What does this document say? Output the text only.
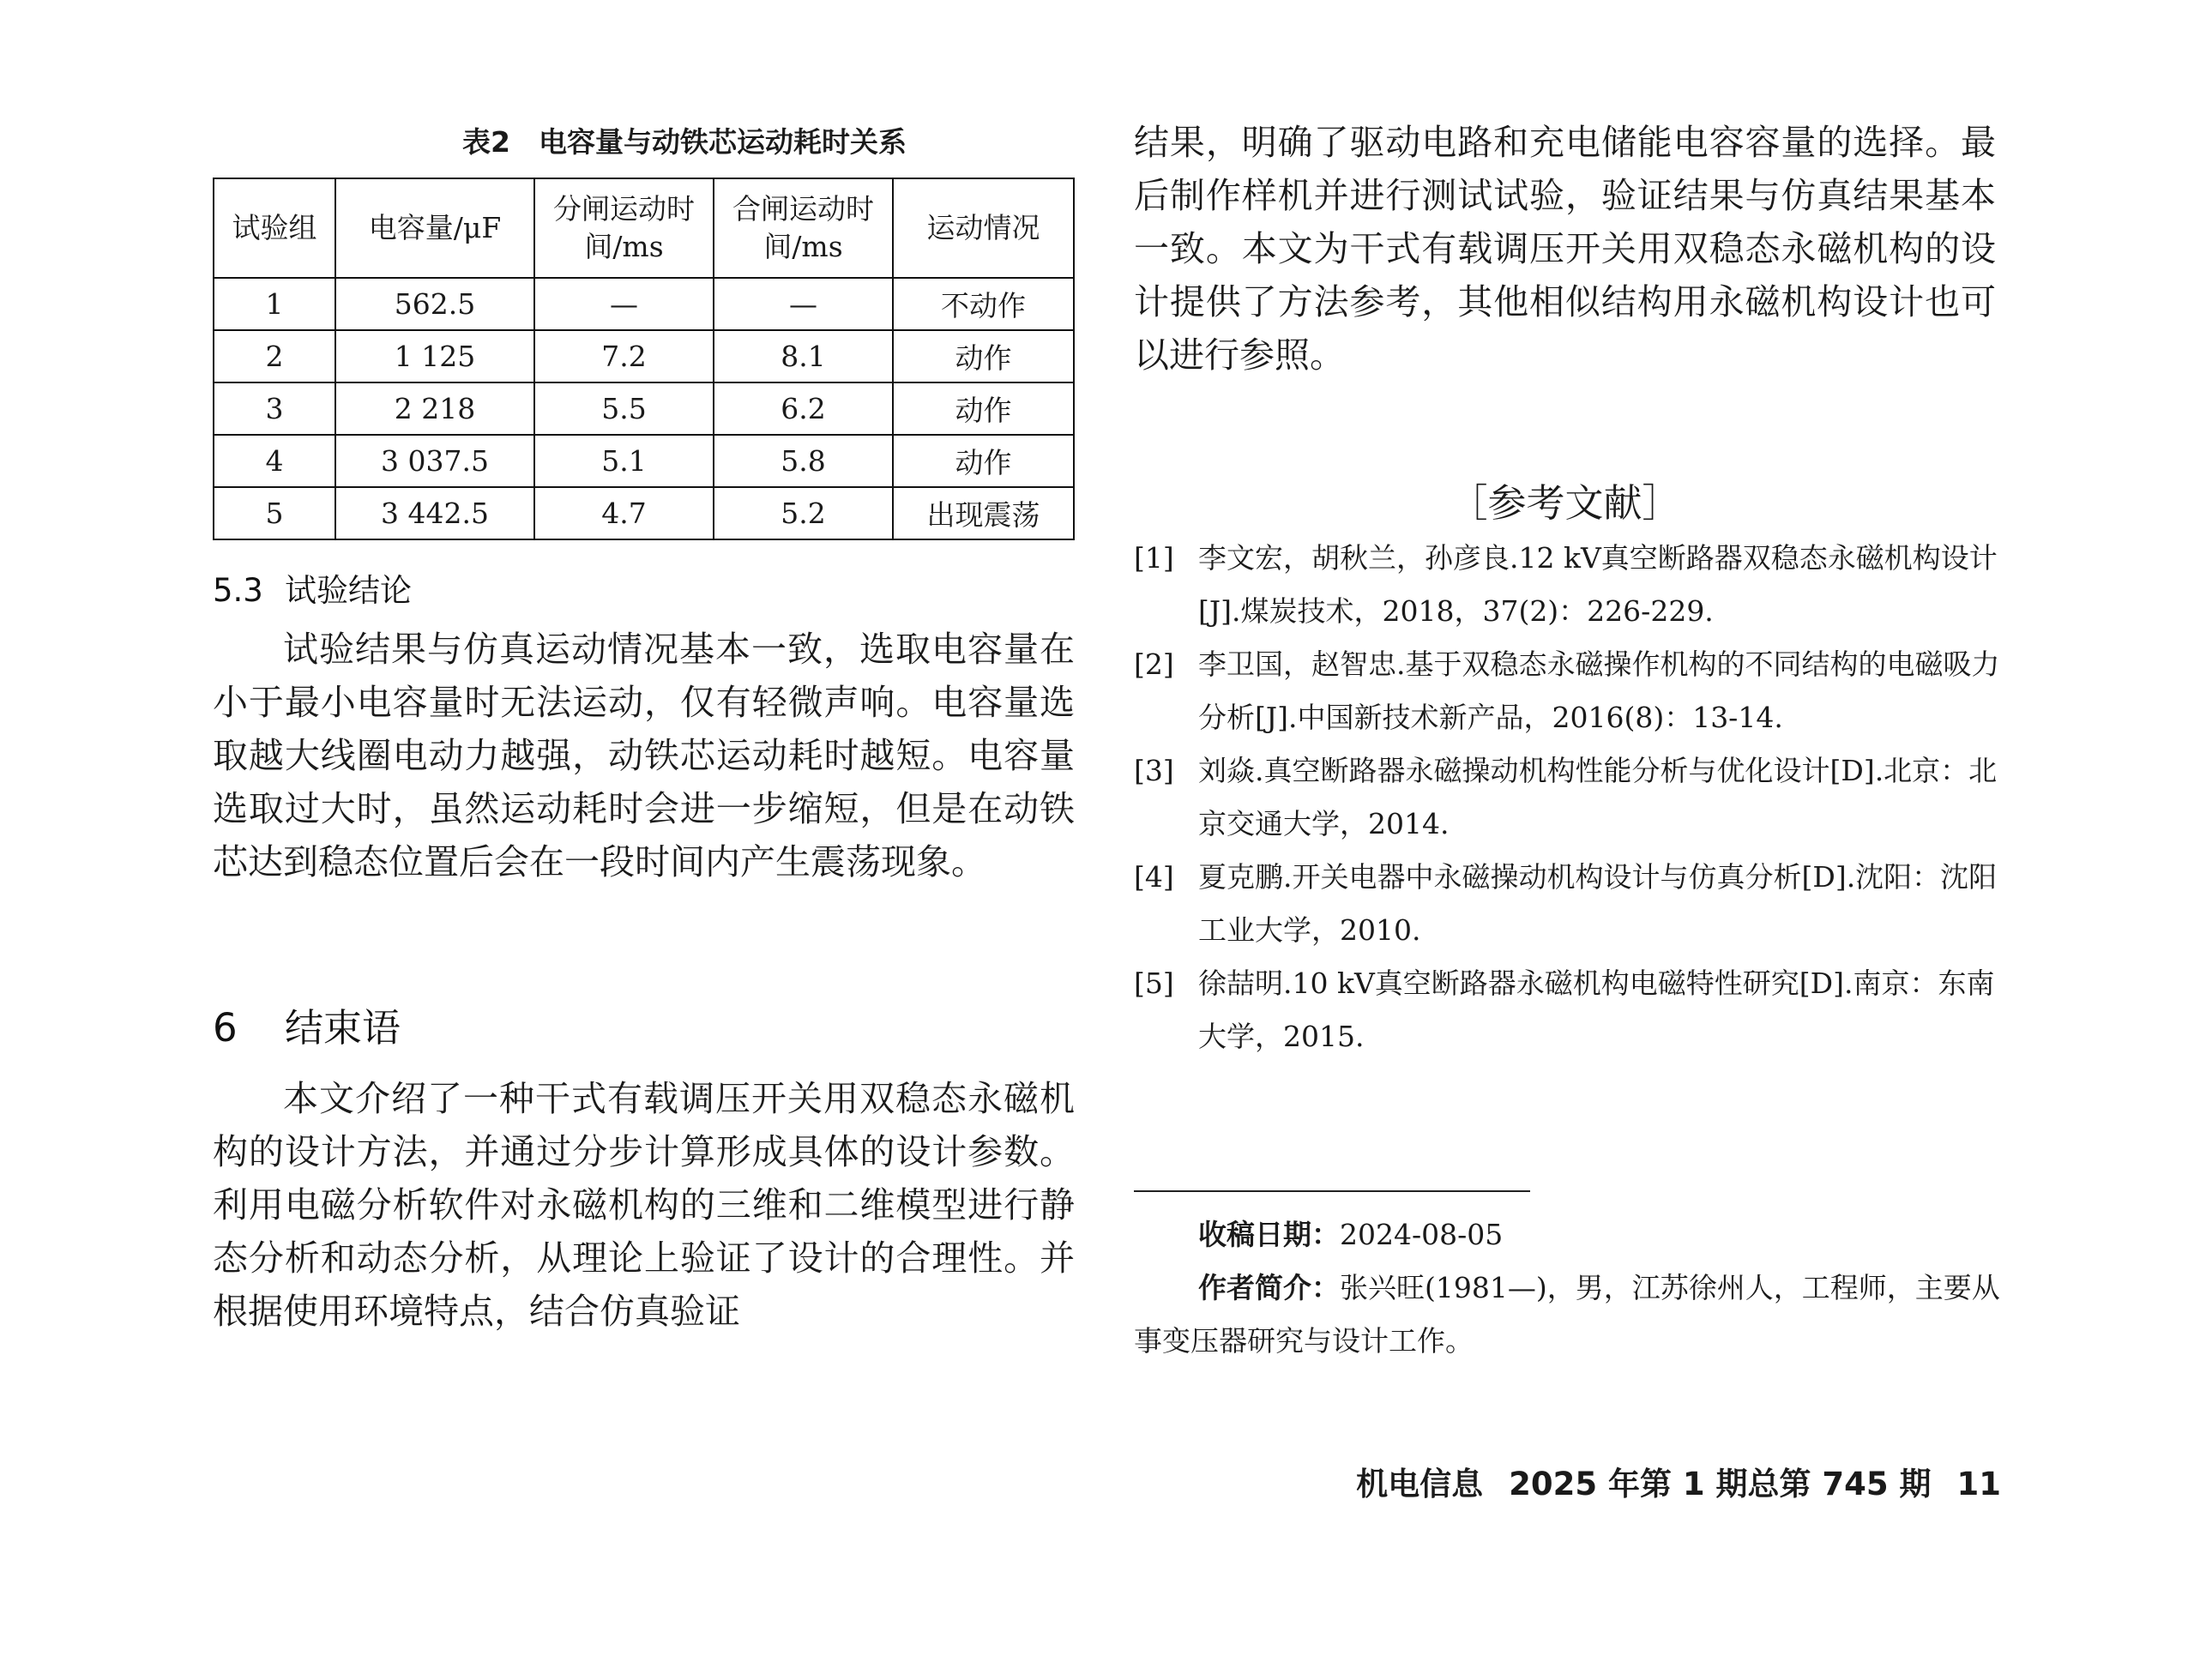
表2　电容量与动铁芯运动耗时关系
试验组	电容量/μF	分闸运动时间/ms	合闸运动时间/ms	运动情况
1	562.5	—	—	不动作
2	1 125	7.2	8.1	动作
3	2 218	5.5	6.2	动作
4	3 037.5	5.1	5.8	动作
5	3 442.5	4.7	5.2	出现震荡
5.3 试验结论

试验结果与仿真运动情况基本一致，选取电容量在小于最小电容量时无法运动，仅有轻微声响。电容量选取越大线圈电动力越强，动铁芯运动耗时越短。电容量选取过大时，虽然运动耗时会进一步缩短，但是在动铁芯达到稳态位置后会在一段时间内产生震荡现象。

6 结束语

本文介绍了一种干式有载调压开关用双稳态永磁机构的设计方法，并通过分步计算形成具体的设计参数。利用电磁分析软件对永磁机构的三维和二维模型进行静态分析和动态分析，从理论上验证了设计的合理性。并根据使用环境特点，结合仿真验证

结果，明确了驱动电路和充电储能电容容量的选择。最后制作样机并进行测试试验，验证结果与仿真结果基本一致。本文为干式有载调压开关用双稳态永磁机构的设计提供了方法参考，其他相似结构用永磁机构设计也可以进行参照。

［参考文献］
[1] 李文宏，胡秋兰，孙彦良.12 kV真空断路器双稳态永磁机构设计[J].煤炭技术，2018，37(2)：226-229.
[2] 李卫国，赵智忠.基于双稳态永磁操作机构的不同结构的电磁吸力分析[J].中国新技术新产品，2016(8)：13-14.
[3] 刘焱.真空断路器永磁操动机构性能分析与优化设计[D].北京：北京交通大学，2014.
[4] 夏克鹏.开关电器中永磁操动机构设计与仿真分析[D].沈阳：沈阳工业大学，2010.
[5] 徐喆明.10 kV真空断路器永磁机构电磁特性研究[D].南京：东南大学，2015.
收稿日期：2024-08-05
作者简介：张兴旺(1981—)，男，江苏徐州人，工程师，主要从事变压器研究与设计工作。
机电信息 2025 年第 1 期总第 745 期 11
